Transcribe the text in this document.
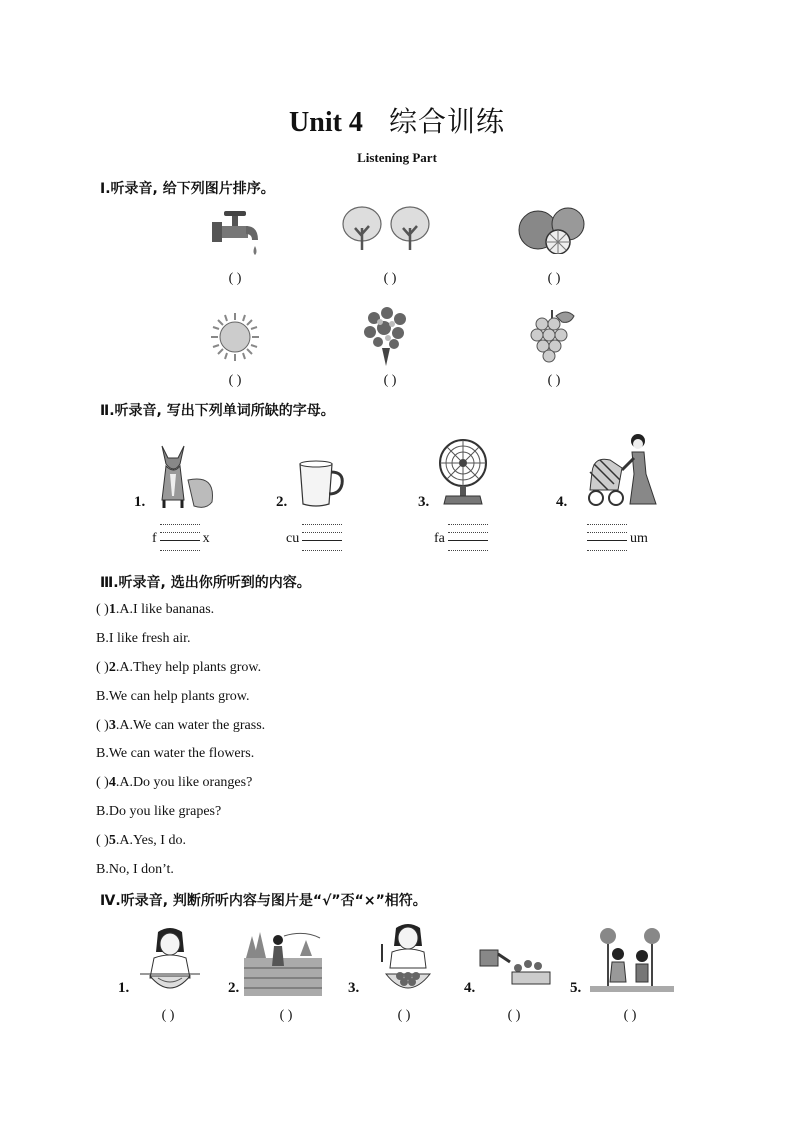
Unit 4 综合训练
Listening Part
Ⅰ.听录音, 给下列图片排序。
( )	( )	( )
( )	( )	( )
Ⅱ.听录音, 写出下列单词所缺的字母。
1.	2.	3.	4.
f	x	cu	fa	um
Ⅲ.听录音, 选出你所听到的内容。
( )1.A.I like bananas.
B.I like fresh air.
( )2.A.They help plants grow.
B.We can help plants grow.
( )3.A.We can water the grass.
B.We can water the flowers.
( )4.A.Do you like oranges?
B.Do you like grapes?
( )5.A.Yes, I do.
B.No, I don’t.
Ⅳ.听录音, 判断所听内容与图片是“√”否“×”相符。
1.	2.	3.	4.	5.
( )	( )	( )	( )	( )
